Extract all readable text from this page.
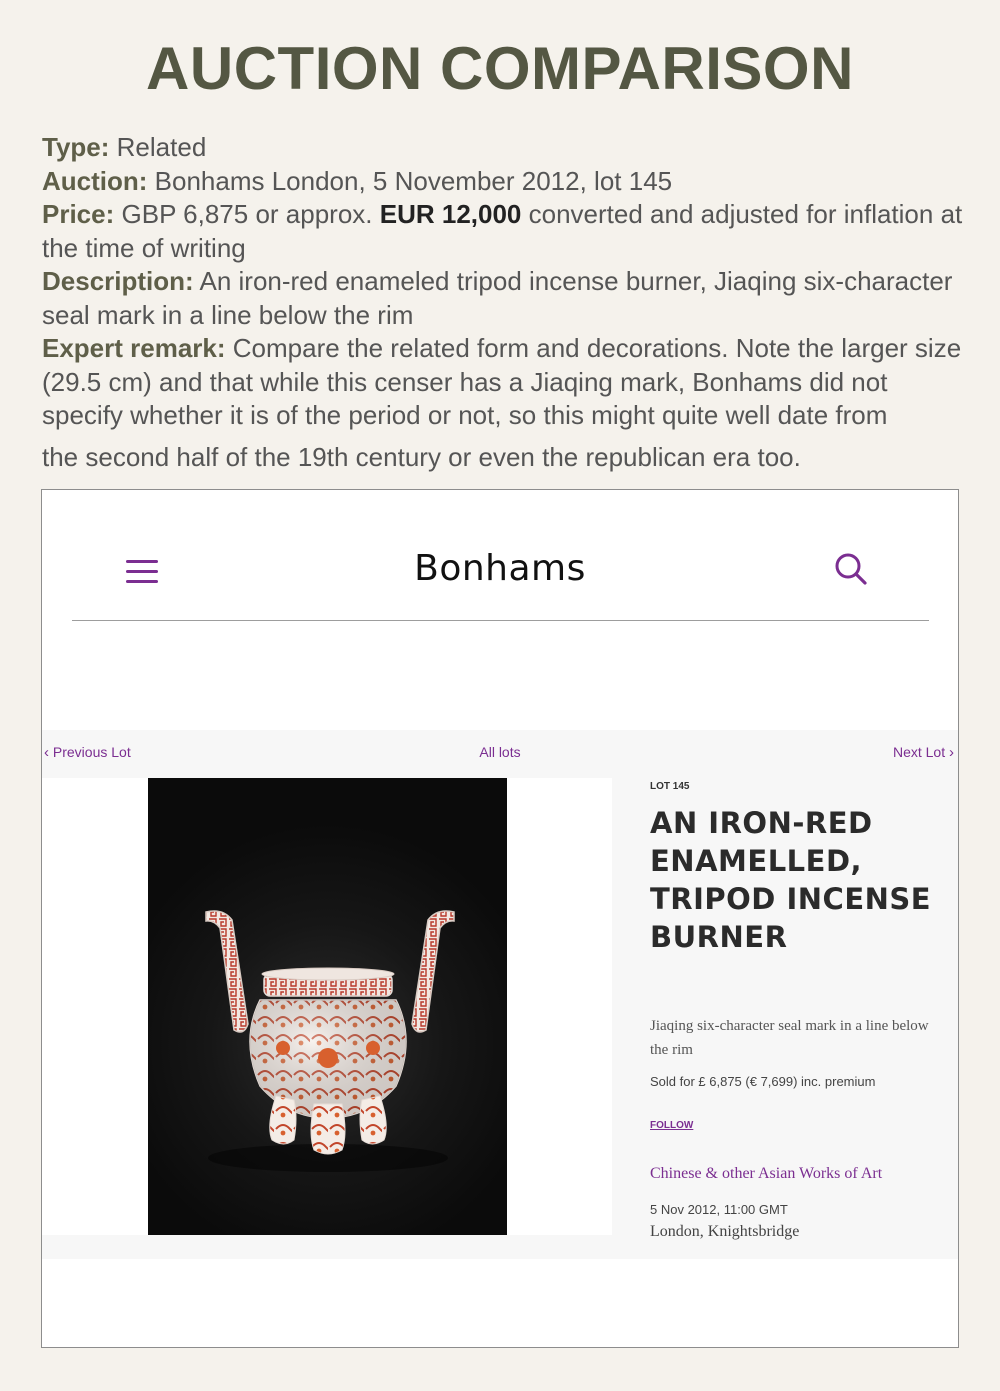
AUCTION COMPARISON

Type: Related

Auction: Bonhams London, 5 November 2012, lot 145

Price: GBP 6,875 or approx. EUR 12,000 converted and adjusted for inflation at the time of writing

Description: An iron-red enameled tripod incense burner, Jiaqing six-character seal mark in a line below the rim

Expert remark: Compare the related form and decorations. Note the larger size (29.5 cm) and that while this censer has a Jiaqing mark, Bonhams did not specify whether it is of the period or not, so this might quite well date from

the second half of the 19th century or even the republican era too.

Bonhams
‹ Previous Lot	All lots	Next Lot ›
LOT 145
AN IRON-RED ENAMELLED, TRIPOD INCENSE BURNER
Jiaqing six-character seal mark in a line below the rim
Sold for £ 6,875 (€ 7,699) inc. premium
FOLLOW
Chinese & other Asian Works of Art
5 Nov 2012, 11:00 GMT
London, Knightsbridge
